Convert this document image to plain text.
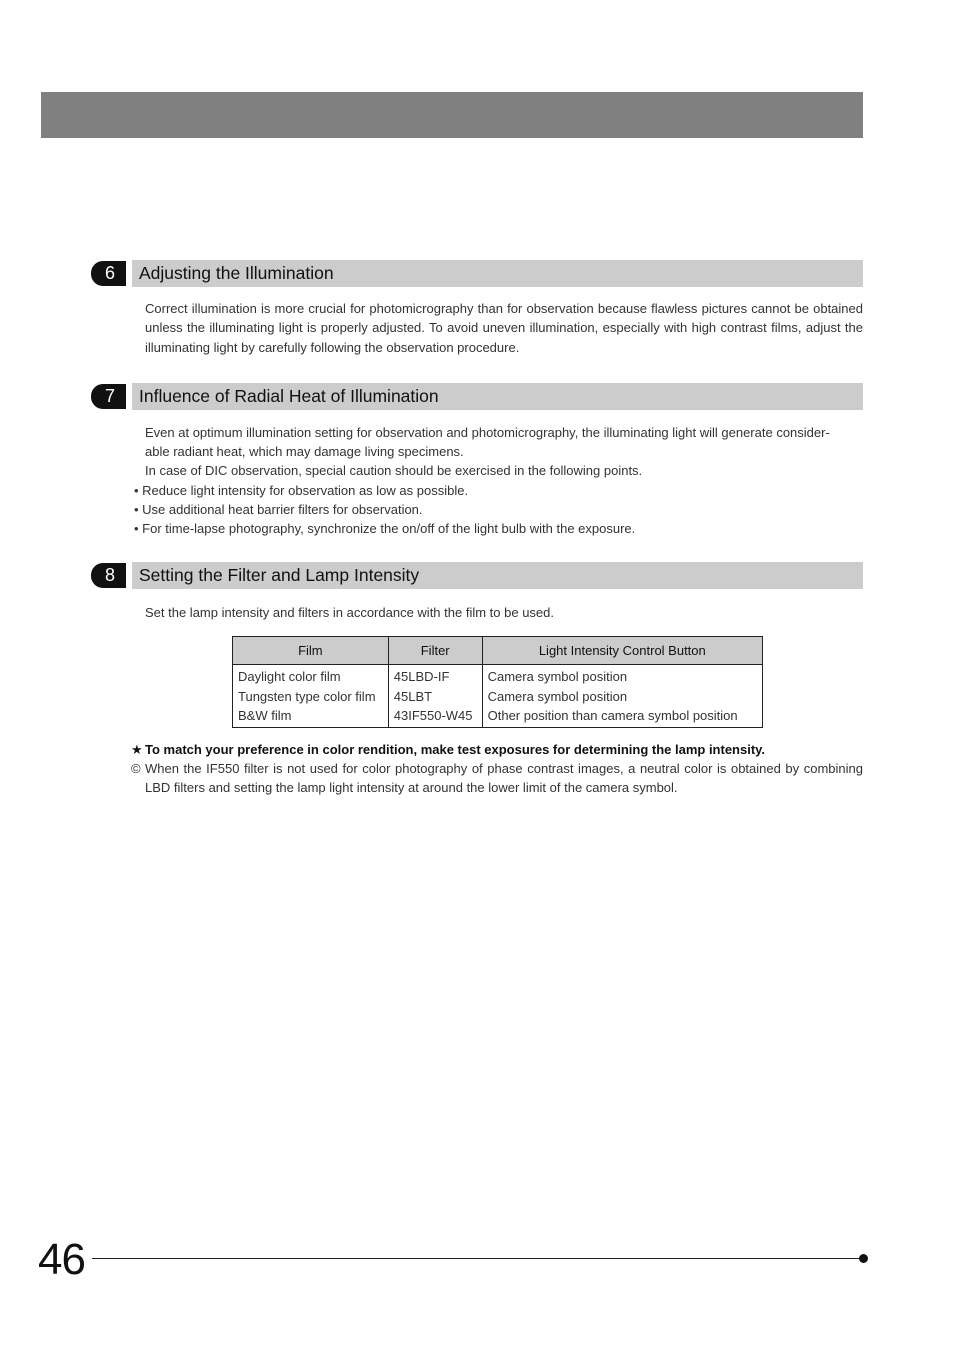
6	Adjusting the Illumination

Correct illumination is more crucial for photomicrography than for observation because flawless pictures cannot be obtained unless the illuminating light is properly adjusted. To avoid uneven illumination, especially with high contrast films, adjust the illuminating light by carefully following the observation procedure.

7	Influence of Radial Heat of Illumination
Even at optimum illumination setting for observation and photomicrography, the illuminating light will generate consider-
able radiant heat, which may damage living specimens.
In case of DIC observation, special caution should be exercised in the following points.
• Reduce light intensity for observation as low as possible.
• Use additional heat barrier filters for observation.
• For time-lapse photography, synchronize the on/off of the light bulb with the exposure.
8	Setting the Filter and Lamp Intensity

Set the lamp intensity and filters in accordance with the film to be used.

Film	Filter	Light Intensity Control Button
Daylight color film	45LBD-IF	Camera symbol position
Tungsten type color film	45LBT	Camera symbol position
B&W film	43IF550-W45	Other position than camera symbol position
★ To match your preference in color rendition, make test exposures for determining the lamp intensity.
© When the IF550 filter is not used for color photography of phase contrast images, a neutral color is obtained by combining LBD filters and setting the lamp light intensity at around the lower limit of the camera symbol.

46
